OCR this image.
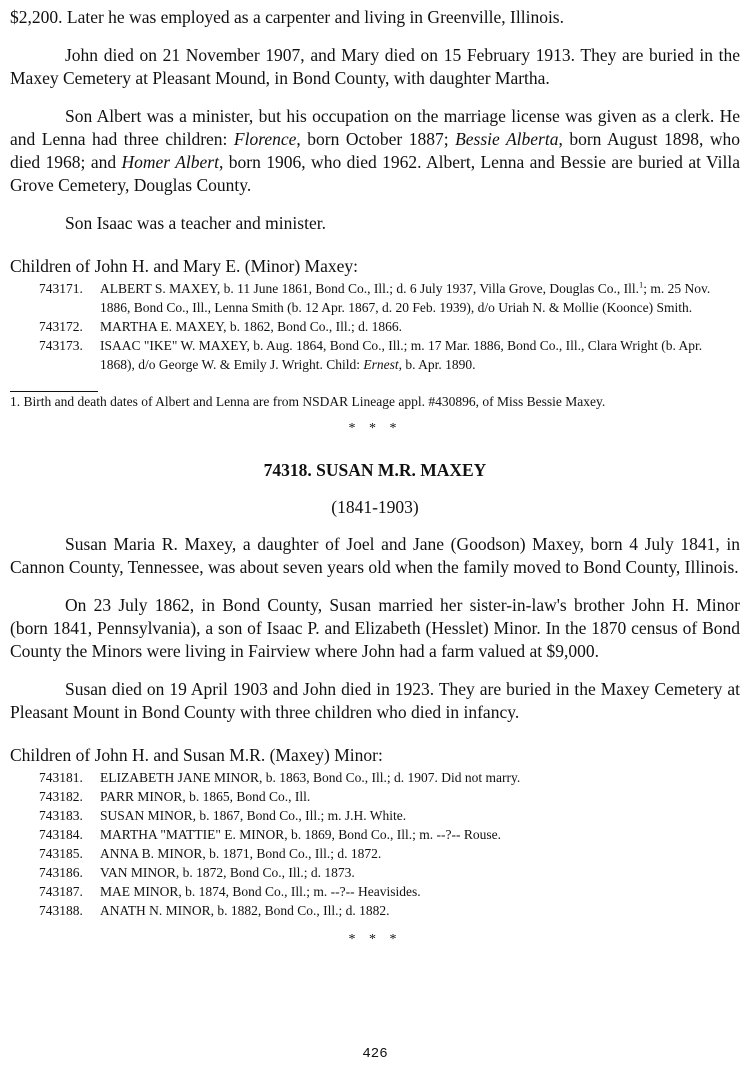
$2,200. Later he was employed as a carpenter and living in Greenville, Illinois.

John died on 21 November 1907, and Mary died on 15 February 1913. They are buried in the Maxey Cemetery at Pleasant Mound, in Bond County, with daughter Martha.

Son Albert was a minister, but his occupation on the marriage license was given as a clerk. He and Lenna had three children: Florence, born October 1887; Bessie Alberta, born August 1898, who died 1968; and Homer Albert, born 1906, who died 1962. Albert, Lenna and Bessie are buried at Villa Grove Cemetery, Douglas County.

Son Isaac was a teacher and minister.

Children of John H. and Mary E. (Minor) Maxey:

743171.	ALBERT S. MAXEY, b. 11 June 1861, Bond Co., Ill.; d. 6 July 1937, Villa Grove, Douglas Co., Ill.$^1$; m. 25 Nov. 1886, Bond Co., Ill., Lenna Smith (b. 12 Apr. 1867, d. 20 Feb. 1939), d/o Uriah N. & Mollie (Koonce) Smith.
743172.	MARTHA E. MAXEY, b. 1862, Bond Co., Ill.; d. 1866.
743173.	ISAAC "IKE" W. MAXEY, b. Aug. 1864, Bond Co., Ill.; m. 17 Mar. 1886, Bond Co., Ill., Clara Wright (b. Apr. 1868), d/o George W. & Emily J. Wright. Child: Ernest, b. Apr. 1890.

1. Birth and death dates of Albert and Lenna are from NSDAR Lineage appl. #430896, of Miss Bessie Maxey.

* * *

74318. SUSAN M.R. MAXEY

(1841-1903)

Susan Maria R. Maxey, a daughter of Joel and Jane (Goodson) Maxey, born 4 July 1841, in Cannon County, Tennessee, was about seven years old when the family moved to Bond County, Illinois.

On 23 July 1862, in Bond County, Susan married her sister-in-law's brother John H. Minor (born 1841, Pennsylvania), a son of Isaac P. and Elizabeth (Hesslet) Minor. In the 1870 census of Bond County the Minors were living in Fairview where John had a farm valued at $9,000.

Susan died on 19 April 1903 and John died in 1923. They are buried in the Maxey Cemetery at Pleasant Mount in Bond County with three children who died in infancy.

Children of John H. and Susan M.R. (Maxey) Minor:

743181.	ELIZABETH JANE MINOR, b. 1863, Bond Co., Ill.; d. 1907. Did not marry.
743182.	PARR MINOR, b. 1865, Bond Co., Ill.
743183.	SUSAN MINOR, b. 1867, Bond Co., Ill.; m. J.H. White.
743184.	MARTHA "MATTIE" E. MINOR, b. 1869, Bond Co., Ill.; m. --?-- Rouse.
743185.	ANNA B. MINOR, b. 1871, Bond Co., Ill.; d. 1872.
743186.	VAN MINOR, b. 1872, Bond Co., Ill.; d. 1873.
743187.	MAE MINOR, b. 1874, Bond Co., Ill.; m. --?-- Heavisides.
743188.	ANATH N. MINOR, b. 1882, Bond Co., Ill.; d. 1882.

* * *

426
